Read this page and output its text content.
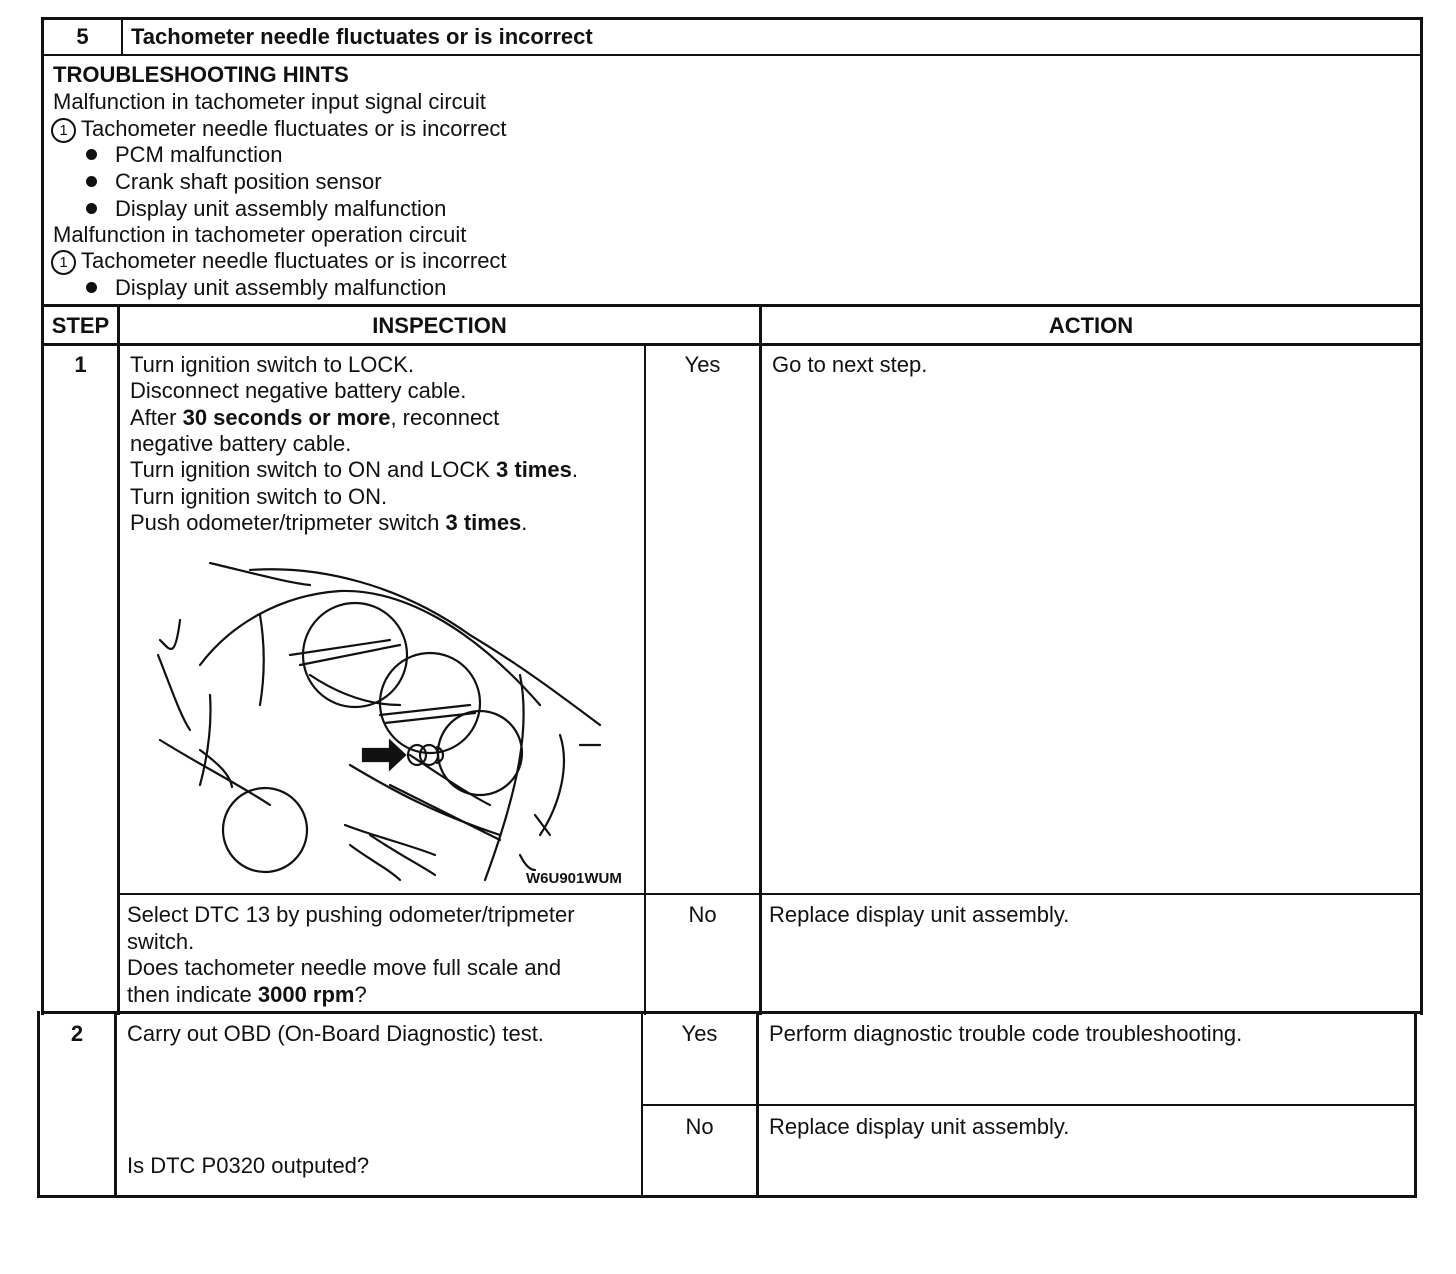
5	Tachometer needle fluctuates or is incorrect
TROUBLESHOOTING HINTS
Malfunction in tachometer input signal circuit
1 Tachometer needle fluctuates or is incorrect
PCM malfunction
Crank shaft position sensor
Display unit assembly malfunction
Malfunction in tachometer operation circuit
1 Tachometer needle fluctuates or is incorrect
Display unit assembly malfunction
STEP	INSPECTION	ACTION
1	Turn ignition switch to LOCK.
Disconnect negative battery cable.
After 30 seconds or more, reconnect
negative battery cable.
Turn ignition switch to ON and LOCK 3 times.
Turn ignition switch to ON.
Push odometer/tripmeter switch 3 times.
W6U901WUM
Yes	Go to next step.
Select DTC 13 by pushing odometer/tripmeter
switch.
Does tachometer needle move full scale and
then indicate 3000 rpm?
No	Replace display unit assembly.
2	Carry out OBD (On-Board Diagnostic) test.
Is DTC P0320 outputed?
Yes	Perform diagnostic trouble code troubleshooting.
No	Replace display unit assembly.
